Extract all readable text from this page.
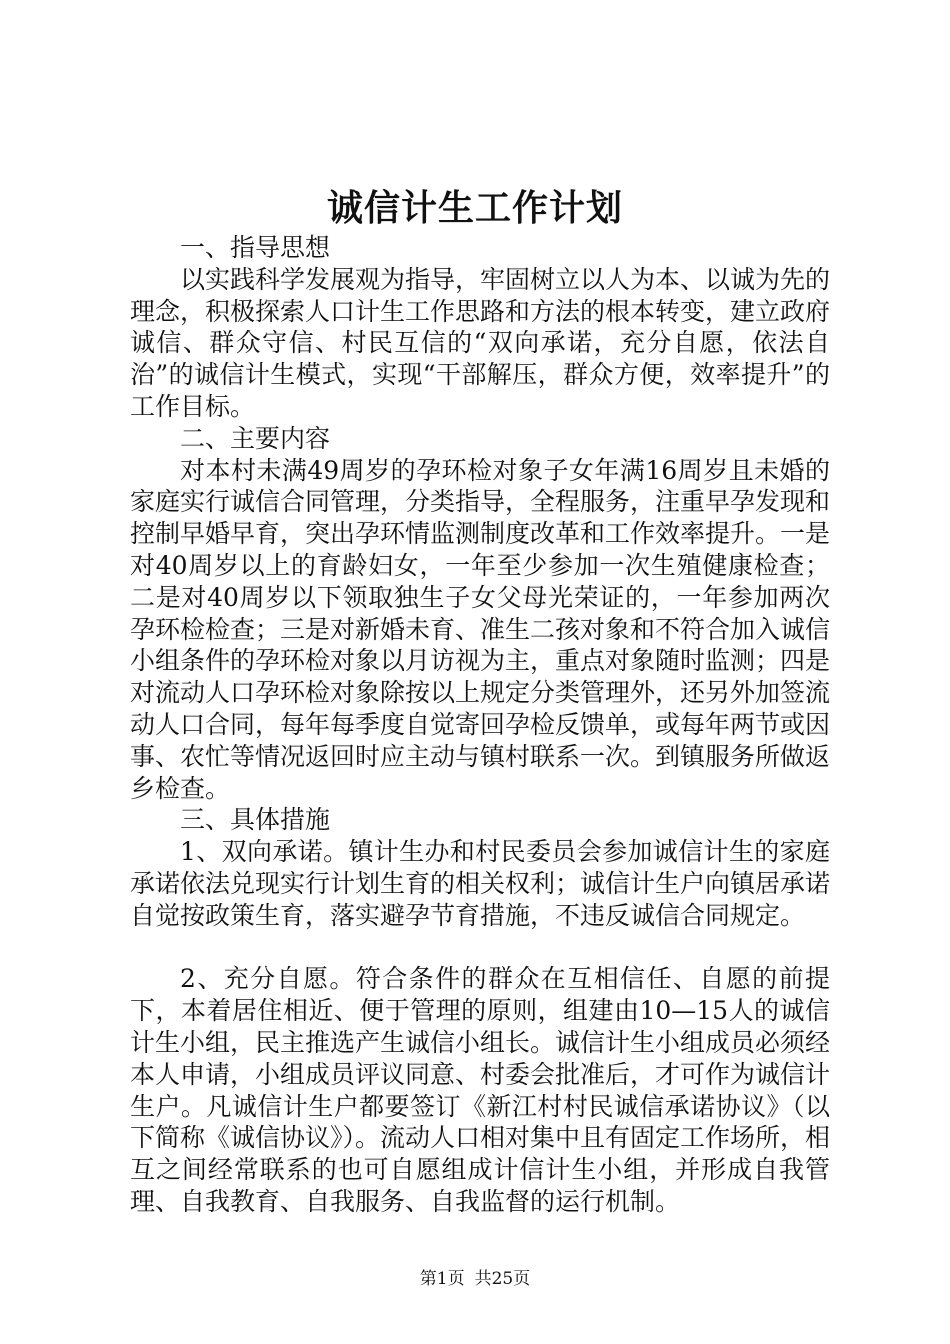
诚信计生工作计划

一、指导思想

以实践科学发展观为指导，牢固树立以人为本、以诚为先的理念，积极探索人口计生工作思路和方法的根本转变，建立政府诚信、群众守信、村民互信的“双向承诺，充分自愿，依法自治”的诚信计生模式，实现“干部解压，群众方便，效率提升”的工作目标。

二、主要内容

对本村未满49周岁的孕环检对象子女年满16周岁且未婚的家庭实行诚信合同管理，分类指导，全程服务，注重早孕发现和控制早婚早育，突出孕环情监测制度改革和工作效率提升。一是对40周岁以上的育龄妇女，一年至少参加一次生殖健康检查；二是对40周岁以下领取独生子女父母光荣证的，一年参加两次孕环检检查；三是对新婚未育、准生二孩对象和不符合加入诚信小组条件的孕环检对象以月访视为主，重点对象随时监测；四是对流动人口孕环检对象除按以上规定分类管理外，还另外加签流动人口合同，每年每季度自觉寄回孕检反馈单，或每年两节或因事、农忙等情况返回时应主动与镇村联系一次。到镇服务所做返乡检查。

三、具体措施

1、双向承诺。镇计生办和村民委员会参加诚信计生的家庭承诺依法兑现实行计划生育的相关权利；诚信计生户向镇居承诺自觉按政策生育，落实避孕节育措施，不违反诚信合同规定。

2、充分自愿。符合条件的群众在互相信任、自愿的前提下，本着居住相近、便于管理的原则，组建由10—15人的诚信计生小组，民主推选产生诚信小组长。诚信计生小组成员必须经本人申请，小组成员评议同意、村委会批准后，才可作为诚信计生户。凡诚信计生户都要签订《新江村村民诚信承诺协议》（以下简称《诚信协议》）。流动人口相对集中且有固定工作场所，相互之间经常联系的也可自愿组成计信计生小组，并形成自我管理、自我教育、自我服务、自我监督的运行机制。

第1页 共25页
